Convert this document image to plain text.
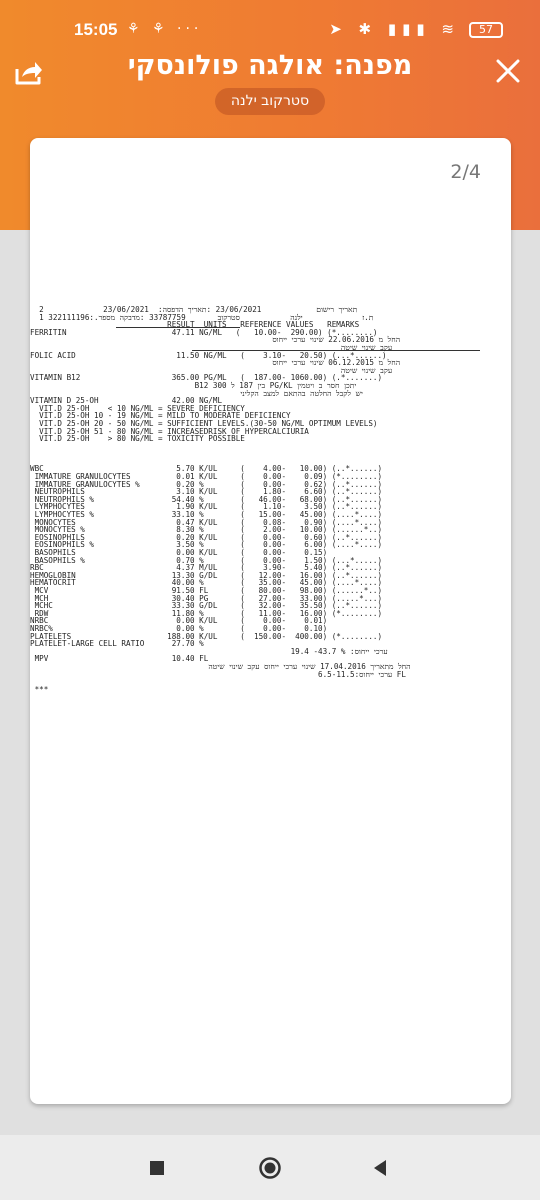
15:05 ⚘ ⚘ ···	➤ ✱ ▮▮▮ ≋	57
מפנה: אולגה פולונסקי
סטרקוב ילנה
2/4
2             23/06/2021  :תאריך רישום            23/06/2021 :תאריך הדפסה
1 322111196:.ת.ז             ילנה           סטרקוב       33787759 :מדבקה מספר
RESULT  UNITS   REFERENCE VALUES   REMARKS
FERRITIN                       47.11 NG/ML   (   10.00-  290.00) (*........)
החל מ 22.06.2016 שינוי ערכי ייחוס
עקב שינוי שיטה
FOLIC ACID                      11.50 NG/ML   (    3.10-   20.50) (...*......)
החל מ 06.12.2015 שינוי ערכי ייחוס
עקב שינוי שיטה
VITAMIN B12                    365.00 PG/ML   (  187.00- 1060.00) (.*.......)
B12 בין 187 ל 300 PG/KL יתכן חסר ב ויטמין
יש לקבל החלטה בהתאם למצב הקליני
VITAMIN D 25-OH                42.00 NG/ML
VIT.D 25-OH    < 10 NG/ML = SEVERE DEFICIENCY
VIT.D 25-OH 10 - 19 NG/ML = MILD TO MODERATE DEFICIENCY
VIT.D 25-OH 20 - 50 NG/ML = SUFFICIENT LEVELS.(30-50 NG/ML OPTIMUM LEVELS)
VIT.D 25-OH 51 - 80 NG/ML = INCREASEDRISK OF HYPERCALCIURIA
VIT.D 25-OH    > 80 NG/ML = TOXICITY POSSIBLE
WBC                             5.70 K/UL     (    4.00-   10.00) (..*......)
IMMATURE GRANULOCYTES          0.01 K/UL     (    0.00-    0.09) (*........)
IMMATURE GRANULOCYTES %        0.20 %        (    0.00-    0.62) (..*......)
NEUTROPHILS                    3.10 K/UL     (    1.80-    6.60) (..*......)
NEUTROPHILS %                 54.40 %        (   46.00-   68.00) (..*......)
LYMPHOCYTES                    1.90 K/UL     (    1.10-    3.50) (..*......)
LYMPHOCYTES %                 33.10 %        (   15.00-   45.00) (....*....)
MONOCYTES                      0.47 K/UL     (    0.08-    0.90) (....*....)
MONOCYTES %                    8.30 %        (    2.00-   10.00) (......*..)
EOSINOPHILS                    0.20 K/UL     (    0.00-    0.60) (..*......)
EOSINOPHILS %                  3.50 %        (    0.00-    6.00) (....*....)
BASOPHILS                      0.00 K/UL     (    0.00-    0.15)
BASOPHILS %                    0.70 %        (    0.00-    1.50) (...*.....)
RBC                             4.37 M/UL     (    3.90-    5.40) (..*......)
HEMOGLOBIN                     13.30 G/DL     (   12.00-   16.00) (..*......)
HEMATOCRIT                     40.00 %        (   35.00-   45.00) (....*....)
MCV                           91.50 FL       (   80.00-   98.00) (......*..)
MCH                           30.40 PG       (   27.00-   33.00) (.....*...)
MCHC                          33.30 G/DL     (   32.00-   35.50) (..*......)
RDW                           11.80 %        (   11.00-   16.00) (*........)
NRBC                            0.00 K/UL     (    0.00-    0.01)
NRBC%                           0.00 %        (    0.00-    0.10)
PLATELETS                     188.00 K/UL     (  150.00-  400.00) (*........)
PLATELET-LARGE CELL RATIO      27.70 %
19.4 -43.7 % :ערכי ייחוס
MPV                           10.40 FL
החל מתאריך 17.04.2016 שינוי ערכי ייחוס עקב שינוי שיטה
ערכי ייחוס:6.5-11.5 FL
***
